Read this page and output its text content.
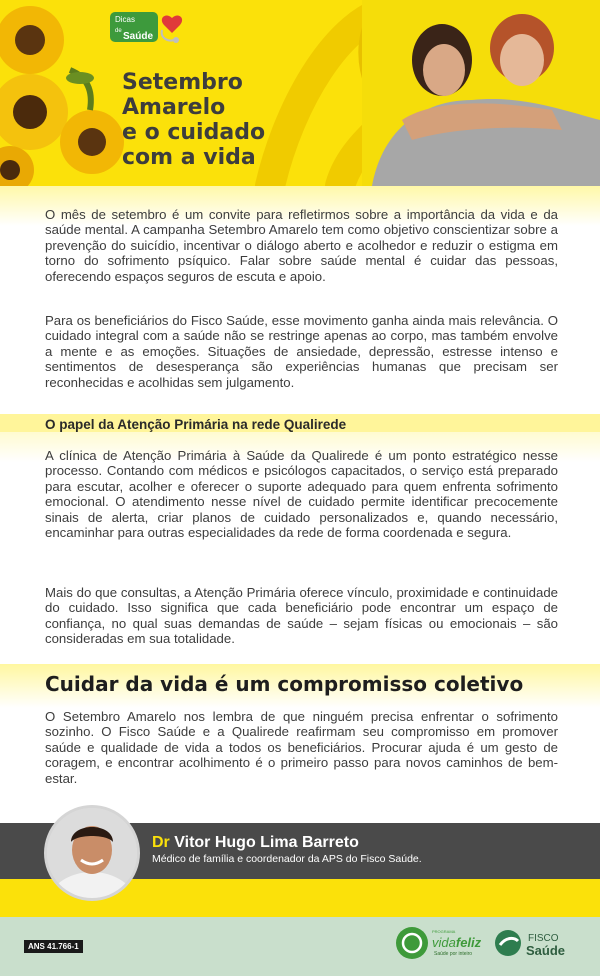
Dicas
de Saúde
Setembro
Amarelo
e o cuidado
com a vida

O mês de setembro é um convite para refletirmos sobre a importância da vida e da saúde mental. A campanha Setembro Amarelo tem como objetivo conscientizar sobre a prevenção do suicídio, incentivar o diálogo aberto e acolhedor e reduzir o estigma em torno do sofrimento psíquico. Falar sobre saúde mental é cuidar das pessoas, oferecendo espaços seguros de escuta e apoio.

Para os beneficiários do Fisco Saúde, esse movimento ganha ainda mais relevância. O cuidado integral com a saúde não se restringe apenas ao corpo, mas também envolve a mente e as emoções. Situações de ansiedade, depressão, estresse intenso e sentimentos de desesperança são experiências humanas que precisam ser reconhecidas e acolhidas sem julgamento.

O papel da Atenção Primária na rede Qualirede

A clínica de Atenção Primária à Saúde da Qualirede é um ponto estratégico nesse processo. Contando com médicos e psicólogos capacitados, o serviço está preparado para escutar, acolher e oferecer o suporte adequado para quem enfrenta sofrimento emocional. O atendimento nesse nível de cuidado permite identificar precocemente sinais de alerta, criar planos de cuidado personalizados e, quando necessário, encaminhar para outras especialidades da rede de forma coordenada e segura.

Mais do que consultas, a Atenção Primária oferece vínculo, proximidade e continuidade do cuidado. Isso significa que cada beneficiário pode encontrar um espaço de confiança, no qual suas demandas de saúde – sejam físicas ou emocionais – são consideradas em sua totalidade.

Cuidar da vida é um compromisso coletivo

O Setembro Amarelo nos lembra de que ninguém precisa enfrentar o sofrimento sozinho. O Fisco Saúde e a Qualirede reafirmam seu compromisso em promover saúde e qualidade de vida a todos os beneficiários. Procurar ajuda é um gesto de coragem, e encontrar acolhimento é o primeiro passo para novos caminhos de bem-estar.

Dr Vitor Hugo Lima Barreto
Médico de família e coordenador da APS do Fisco Saúde.
ANS 41.766-1
PROGRAMA
vidafeliz
Saúde por inteiro
FISCO
Saúde
